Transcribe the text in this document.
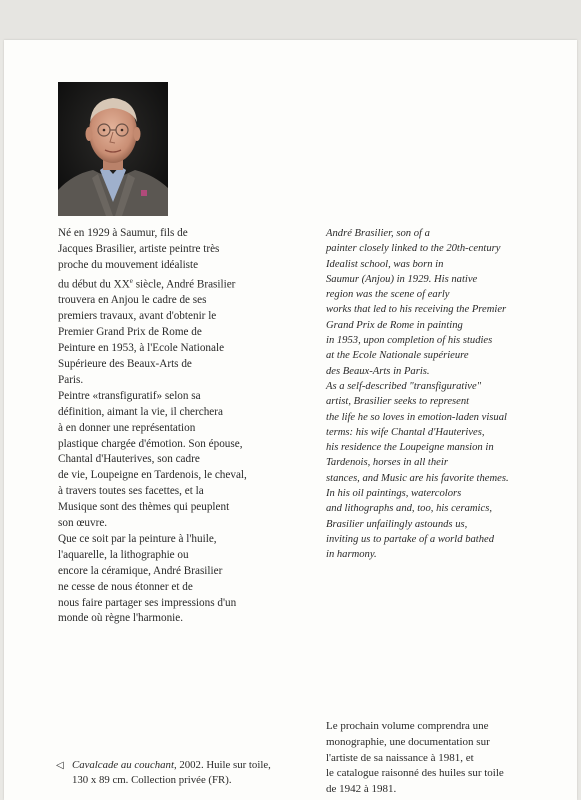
Né en 1929 à Saumur, fils de

Jacques Brasilier, artiste peintre très

proche du mouvement idéaliste

du début du XXe siècle, André Brasilier

trouvera en Anjou le cadre de ses

premiers travaux, avant d'obtenir le

Premier Grand Prix de Rome de

Peinture en 1953, à l'Ecole Nationale

Supérieure des Beaux-Arts de

Paris.

Peintre «transfiguratif» selon sa

définition, aimant la vie, il cherchera

à en donner une représentation

plastique chargée d'émotion. Son épouse,

Chantal d'Hauterives, son cadre

de vie, Loupeigne en Tardenois, le cheval,

à travers toutes ses facettes, et la

Musique sont des thèmes qui peuplent

son œuvre.

Que ce soit par la peinture à l'huile,

l'aquarelle, la lithographie ou

encore la céramique, André Brasilier

ne cesse de nous étonner et de

nous faire partager ses impressions d'un

monde où règne l'harmonie.

André Brasilier, son of a

painter closely linked to the 20th-century

Idealist school, was born in

Saumur (Anjou) in 1929. His native

region was the scene of early

works that led to his receiving the Premier

Grand Prix de Rome in painting

in 1953, upon completion of his studies

at the Ecole Nationale supérieure

des Beaux-Arts in Paris.

As a self-described "transfigurative"

artist, Brasilier seeks to represent

the life he so loves in emotion-laden visual

terms: his wife Chantal d'Hauterives,

his residence the Loupeigne mansion in

Tardenois, horses in all their

stances, and Music are his favorite themes.

In his oil paintings, watercolors

and lithographs and, too, his ceramics,

Brasilier unfailingly astounds us,

inviting us to partake of a world bathed

in harmony.

Le prochain volume comprendra une

monographie, une documentation sur

l'artiste de sa naissance à 1981, et

le catalogue raisonné des huiles sur toile

de 1942 à 1981.

◁ Cavalcade au couchant, 2002. Huile sur toile,
130 x 89 cm. Collection privée (FR).
